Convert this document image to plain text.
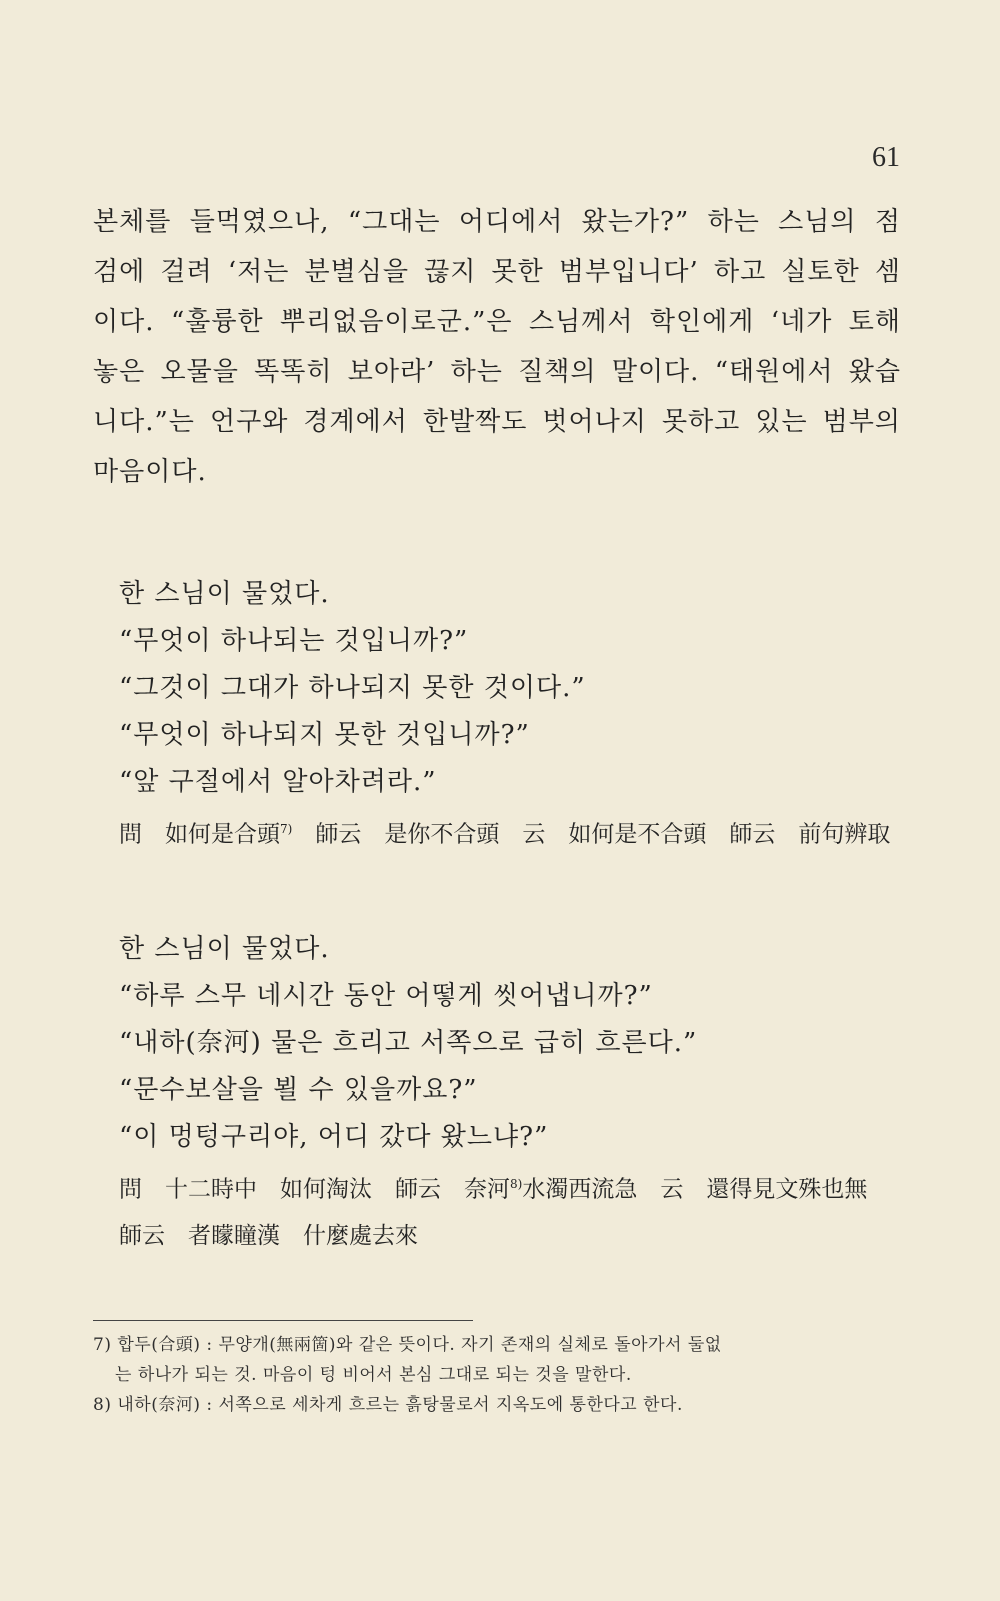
61

본체를 들먹였으나, “그대는 어디에서 왔는가?” 하는 스님의 점

검에 걸려 ‘저는 분별심을 끊지 못한 범부입니다’ 하고 실토한 셈

이다. “훌륭한 뿌리없음이로군.”은 스님께서 학인에게 ‘네가 토해

놓은 오물을 똑똑히 보아라’ 하는 질책의 말이다. “태원에서 왔습

니다.”는 언구와 경계에서 한발짝도 벗어나지 못하고 있는 범부의

마음이다.

한 스님이 물었다.

“무엇이 하나되는 것입니까?”

“그것이 그대가 하나되지 못한 것이다.”

“무엇이 하나되지 못한 것입니까?”

“앞 구절에서 알아차려라.”

問　如何是合頭$^{7)}$　師云　是你不合頭　云　如何是不合頭　師云　前句辨取

한 스님이 물었다.

“하루 스무 네시간 동안 어떻게 씻어냅니까?”

“내하(奈河) 물은 흐리고 서쪽으로 급히 흐른다.”

“문수보살을 뵐 수 있을까요?”

“이 멍텅구리야, 어디 갔다 왔느냐?”

問　十二時中　如何淘汰　師云　奈河$^{8)}$水濁西流急　云　還得見文殊也無

師云　者矇瞳漢　什麼處去來

7) 합두(合頭) : 무양개(無兩箇)와 같은 뜻이다. 자기 존재의 실체로 돌아가서 둘없

는 하나가 되는 것. 마음이 텅 비어서 본심 그대로 되는 것을 말한다.

8) 내하(奈河) : 서쪽으로 세차게 흐르는 흙탕물로서 지옥도에 통한다고 한다.
